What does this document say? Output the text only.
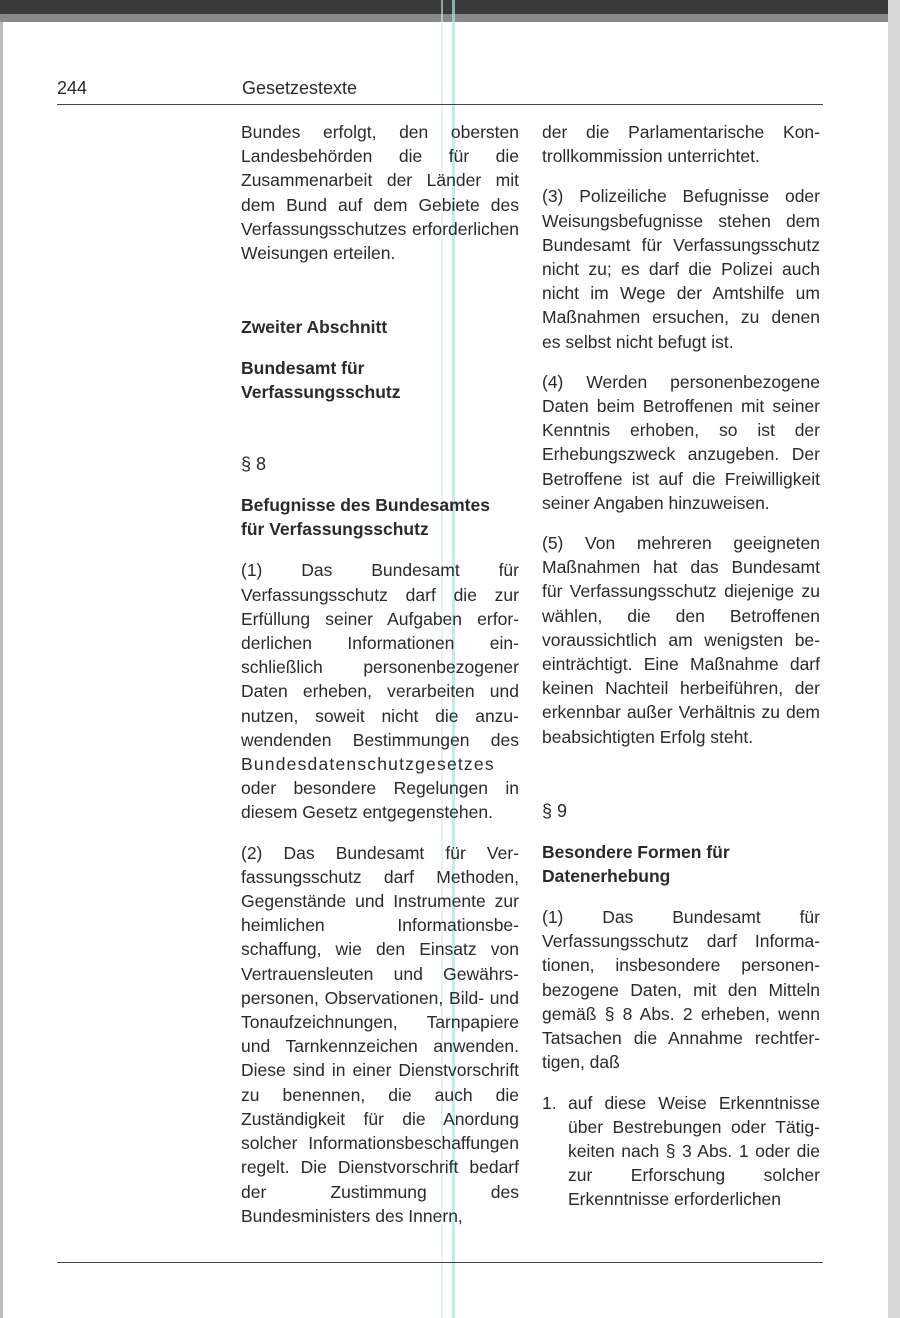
244	Gesetzestexte

Bundes erfolgt, den obersten Landesbehörden die für die Zusammenarbeit der Länder mit dem Bund auf dem Gebiete des Verfassungsschutzes erforderlichen Weisungen erteilen.

Zweiter Abschnitt

Bundesamt für

Verfassungsschutz

§ 8

Befugnisse des Bundesamtes

für Verfassungsschutz

(1) Das Bundesamt für Verfassungsschutz darf die zur Erfüllung seiner Aufgaben erforderlichen Informationen einschließlich personenbezogener Daten erheben, verarbeiten und nutzen, soweit nicht die anzuwendenden Bestimmungen des Bundesdatenschutzgesetzes oder besondere Regelungen in diesem Gesetz entgegenstehen.

(2) Das Bundesamt für Verfassungsschutz darf Methoden, Gegenstände und Instrumente zur heimlichen Informationsbeschaffung, wie den Einsatz von Vertrauensleuten und Gewährspersonen, Observationen, Bild- und Tonaufzeichnungen, Tarnpapiere und Tarnkennzeichen anwenden. Diese sind in einer Dienstvorschrift zu benennen, die auch die Zuständigkeit für die Anordung solcher Informationsbeschaffungen regelt. Die Dienstvorschrift bedarf der Zustimmung des Bundesministers des Innern,

der die Parlamentarische Kontrollkommission unterrichtet.

(3) Polizeiliche Befugnisse oder Weisungsbefugnisse stehen dem Bundesamt für Verfassungsschutz nicht zu; es darf die Polizei auch nicht im Wege der Amtshilfe um Maßnahmen ersuchen, zu denen es selbst nicht befugt ist.

(4) Werden personenbezogene Daten beim Betroffenen mit seiner Kenntnis erhoben, so ist der Erhebungszweck anzugeben. Der Betroffene ist auf die Freiwilligkeit seiner Angaben hinzuweisen.

(5) Von mehreren geeigneten Maßnahmen hat das Bundesamt für Verfassungsschutz diejenige zu wählen, die den Betroffenen voraussichtlich am wenigsten beeinträchtigt. Eine Maßnahme darf keinen Nachteil herbeiführen, der erkennbar außer Verhältnis zu dem beabsichtigten Erfolg steht.

§ 9

Besondere Formen für

Datenerhebung

(1) Das Bundesamt für Verfassungsschutz darf Informationen, insbesondere personenbezogene Daten, mit den Mitteln gemäß § 8 Abs. 2 erheben, wenn Tatsachen die Annahme rechtfertigen, daß

1. auf diese Weise Erkenntnisse über Bestrebungen oder Tätigkeiten nach § 3 Abs. 1 oder die zur Erforschung solcher Erkenntnisse erforderlichen
